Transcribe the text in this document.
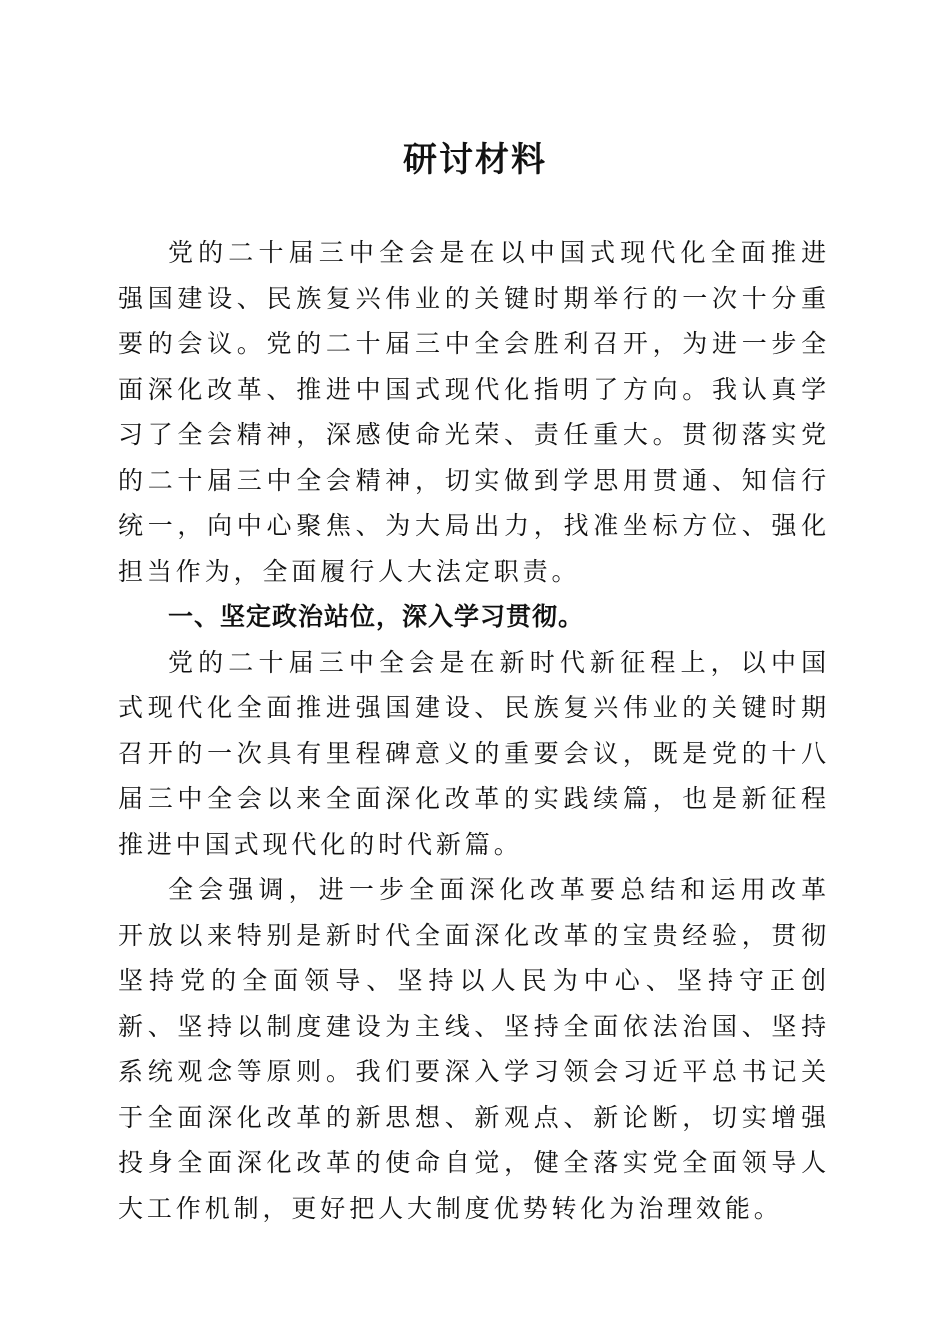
研讨材料

党的二十届三中全会是在以中国式现代化全面推进强国建设、民族复兴伟业的关键时期举行的一次十分重要的会议。党的二十届三中全会胜利召开，为进一步全面深化改革、推进中国式现代化指明了方向。我认真学习了全会精神，深感使命光荣、责任重大。贯彻落实党的二十届三中全会精神，切实做到学思用贯通、知信行统一，向中心聚焦、为大局出力，找准坐标方位、强化担当作为，全面履行人大法定职责。

一、坚定政治站位，深入学习贯彻。

党的二十届三中全会是在新时代新征程上，以中国式现代化全面推进强国建设、民族复兴伟业的关键时期召开的一次具有里程碑意义的重要会议，既是党的十八届三中全会以来全面深化改革的实践续篇，也是新征程推进中国式现代化的时代新篇。

全会强调，进一步全面深化改革要总结和运用改革开放以来特别是新时代全面深化改革的宝贵经验，贯彻坚持党的全面领导、坚持以人民为中心、坚持守正创新、坚持以制度建设为主线、坚持全面依法治国、坚持系统观念等原则。我们要深入学习领会习近平总书记关于全面深化改革的新思想、新观点、新论断，切实增强投身全面深化改革的使命自觉，健全落实党全面领导人大工作机制，更好把人大制度优势转化为治理效能。
